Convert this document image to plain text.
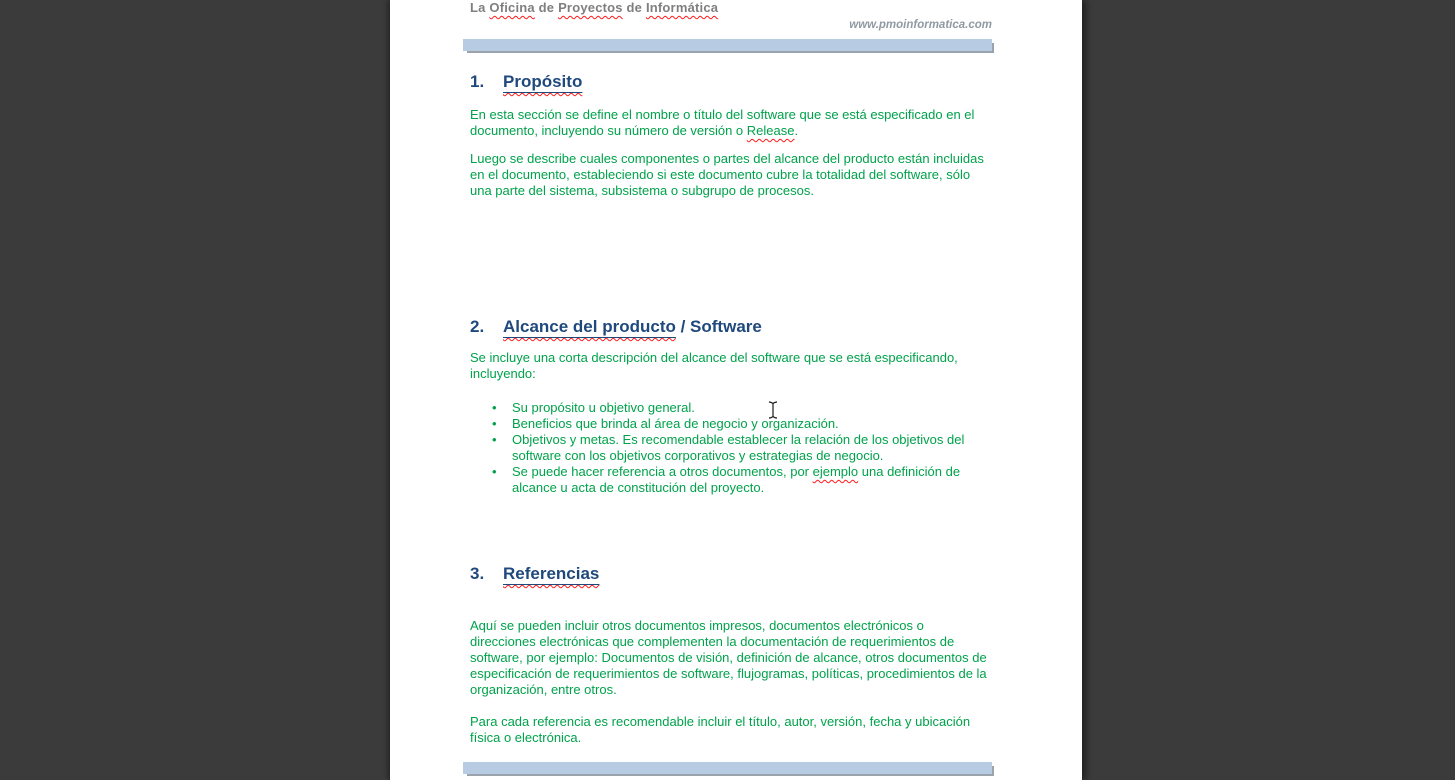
La Oficina de Proyectos de Informática
www.pmoinformatica.com
1.	Propósito
En esta sección se define el nombre o título del software que se está especificado en el documento, incluyendo su número de versión o Release.
Luego se describe cuales componentes o partes del alcance del producto están incluidas en el documento, estableciendo si este documento cubre la totalidad del software, sólo una parte del sistema, subsistema o subgrupo de procesos.
2.	Alcance del producto / Software
Se incluye una corta descripción del alcance del software que se está especificando, incluyendo:
• Su propósito u objetivo general.
• Beneficios que brinda al área de negocio y organización.
• Objetivos y metas. Es recomendable establecer la relación de los objetivos del software con los objetivos corporativos y estrategias de negocio.
• Se puede hacer referencia a otros documentos, por ejemplo una definición de alcance u acta de constitución del proyecto.
3.	Referencias
Aquí se pueden incluir otros documentos impresos, documentos electrónicos o direcciones electrónicas que complementen la documentación de requerimientos de software, por ejemplo: Documentos de visión, definición de alcance, otros documentos de especificación de requerimientos de software, flujogramas, políticas, procedimientos de la organización, entre otros.
Para cada referencia es recomendable incluir el título, autor, versión, fecha y ubicación física o electrónica.
